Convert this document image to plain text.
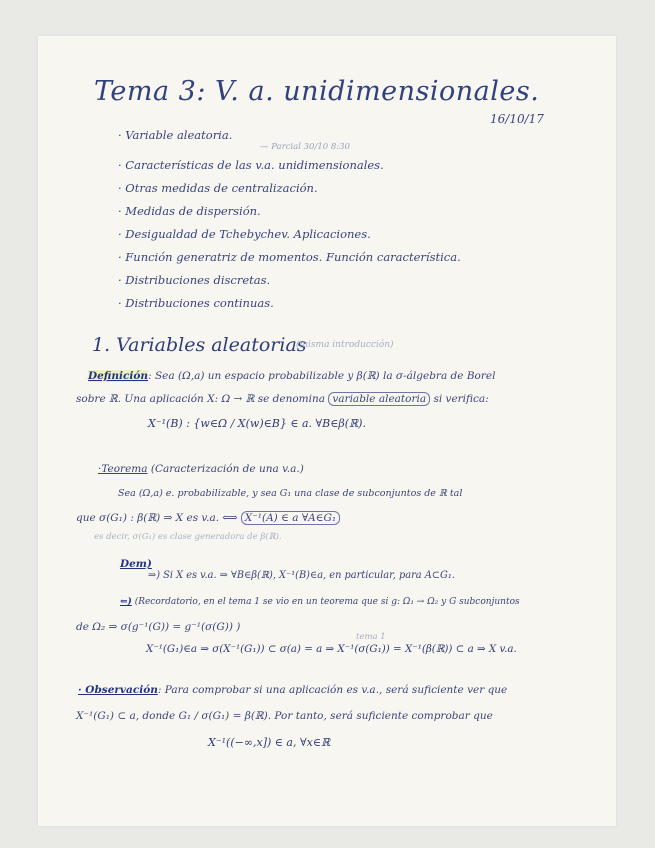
Tema 3: V. a. unidimensionales.
16/10/17
· Variable aleatoria.
— Parcial 30/10 8:30
· Características de las v.a. unidimensionales.
· Otras medidas de centralización.
· Medidas de dispersión.
· Desigualdad de Tchebychev. Aplicaciones.
· Función generatriz de momentos. Función característica.
· Distribuciones discretas.
· Distribuciones continuas.
1. Variables aleatorias
(misma introducción)
Definición: Sea (Ω,a) un espacio probabilizable y β(ℝ) la σ-álgebra de Borel
sobre ℝ. Una aplicación X: Ω → ℝ se denomina variable aleatoria si verifica:
X⁻¹(B) : {w∈Ω / X(w)∈B} ∈ a. ∀B∈β(ℝ).
·Teorema (Caracterización de una v.a.)
Sea (Ω,a) e. probabilizable, y sea G₁ una clase de subconjuntos de ℝ tal
que σ(G₁) : β(ℝ) ⇒ X es v.a. ⟺ X⁻¹(A) ∈ a ∀A∈G₁
es decir, σ(G₁) es clase generadora de β(ℝ).
Dem)
⇒) Si X es v.a. ⇒ ∀B∈β(ℝ), X⁻¹(B)∈a, en particular, para A⊂G₁.
⇐) (Recordatorio, en el tema 1 se vio en un teorema que si g: Ω₁ → Ω₂ y G subconjuntos
de Ω₂ ⇒ σ(g⁻¹(G)) = g⁻¹(σ(G)) )
tema 1
X⁻¹(G₁)∈a ⇒ σ(X⁻¹(G₁)) ⊂ σ(a) = a ⇒ X⁻¹(σ(G₁)) = X⁻¹(β(ℝ)) ⊂ a ⇒ X v.a.
· Observación: Para comprobar si una aplicación es v.a., será suficiente ver que
X⁻¹(G₁) ⊂ a, donde G₁ / σ(G₁) = β(ℝ). Por tanto, será suficiente comprobar que
X⁻¹((−∞,x]) ∈ a, ∀x∈ℝ
